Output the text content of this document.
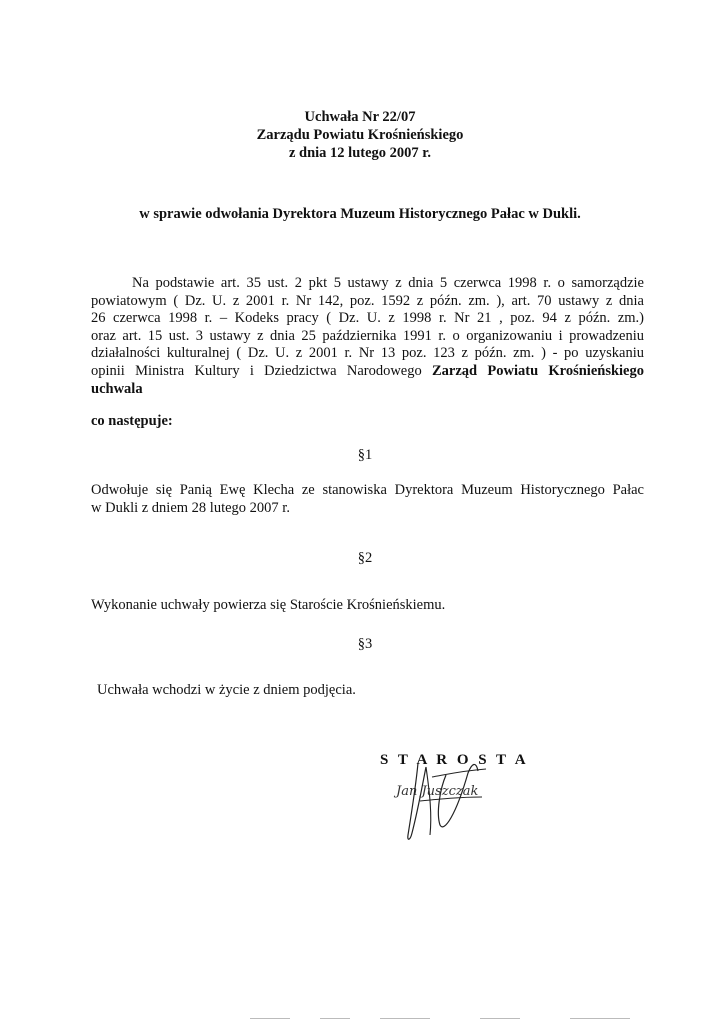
Uchwała Nr 22/07
Zarządu Powiatu Krośnieńskiego
z dnia 12 lutego 2007 r.
w sprawie odwołania Dyrektora Muzeum Historycznego Pałac w Dukli.
Na podstawie art. 35 ust. 2 pkt 5 ustawy z dnia 5 czerwca 1998 r. o samorządzie
powiatowym ( Dz. U. z 2001 r. Nr 142, poz. 1592 z późn. zm. ), art. 70 ustawy z dnia
26 czerwca 1998 r. – Kodeks pracy ( Dz. U. z 1998 r. Nr 21 , poz. 94 z późn. zm.)
oraz art. 15 ust. 3 ustawy z dnia 25 października 1991 r. o organizowaniu i prowadzeniu
działalności kulturalnej ( Dz. U. z 2001 r. Nr 13 poz. 123 z późn. zm. ) - po uzyskaniu
opinii Ministra Kultury i Dziedzictwa Narodowego Zarząd Powiatu Krośnieńskiego
uchwala
co następuje:
§1
Odwołuje się Panią Ewę Klecha ze stanowiska Dyrektora Muzeum Historycznego Pałac
w Dukli z dniem 28 lutego 2007 r.
§2
Wykonanie uchwały powierza się Staroście Krośnieńskiemu.
§3
Uchwała wchodzi w życie z dniem podjęcia.
S T A R O S T A
Jan Juszczak
